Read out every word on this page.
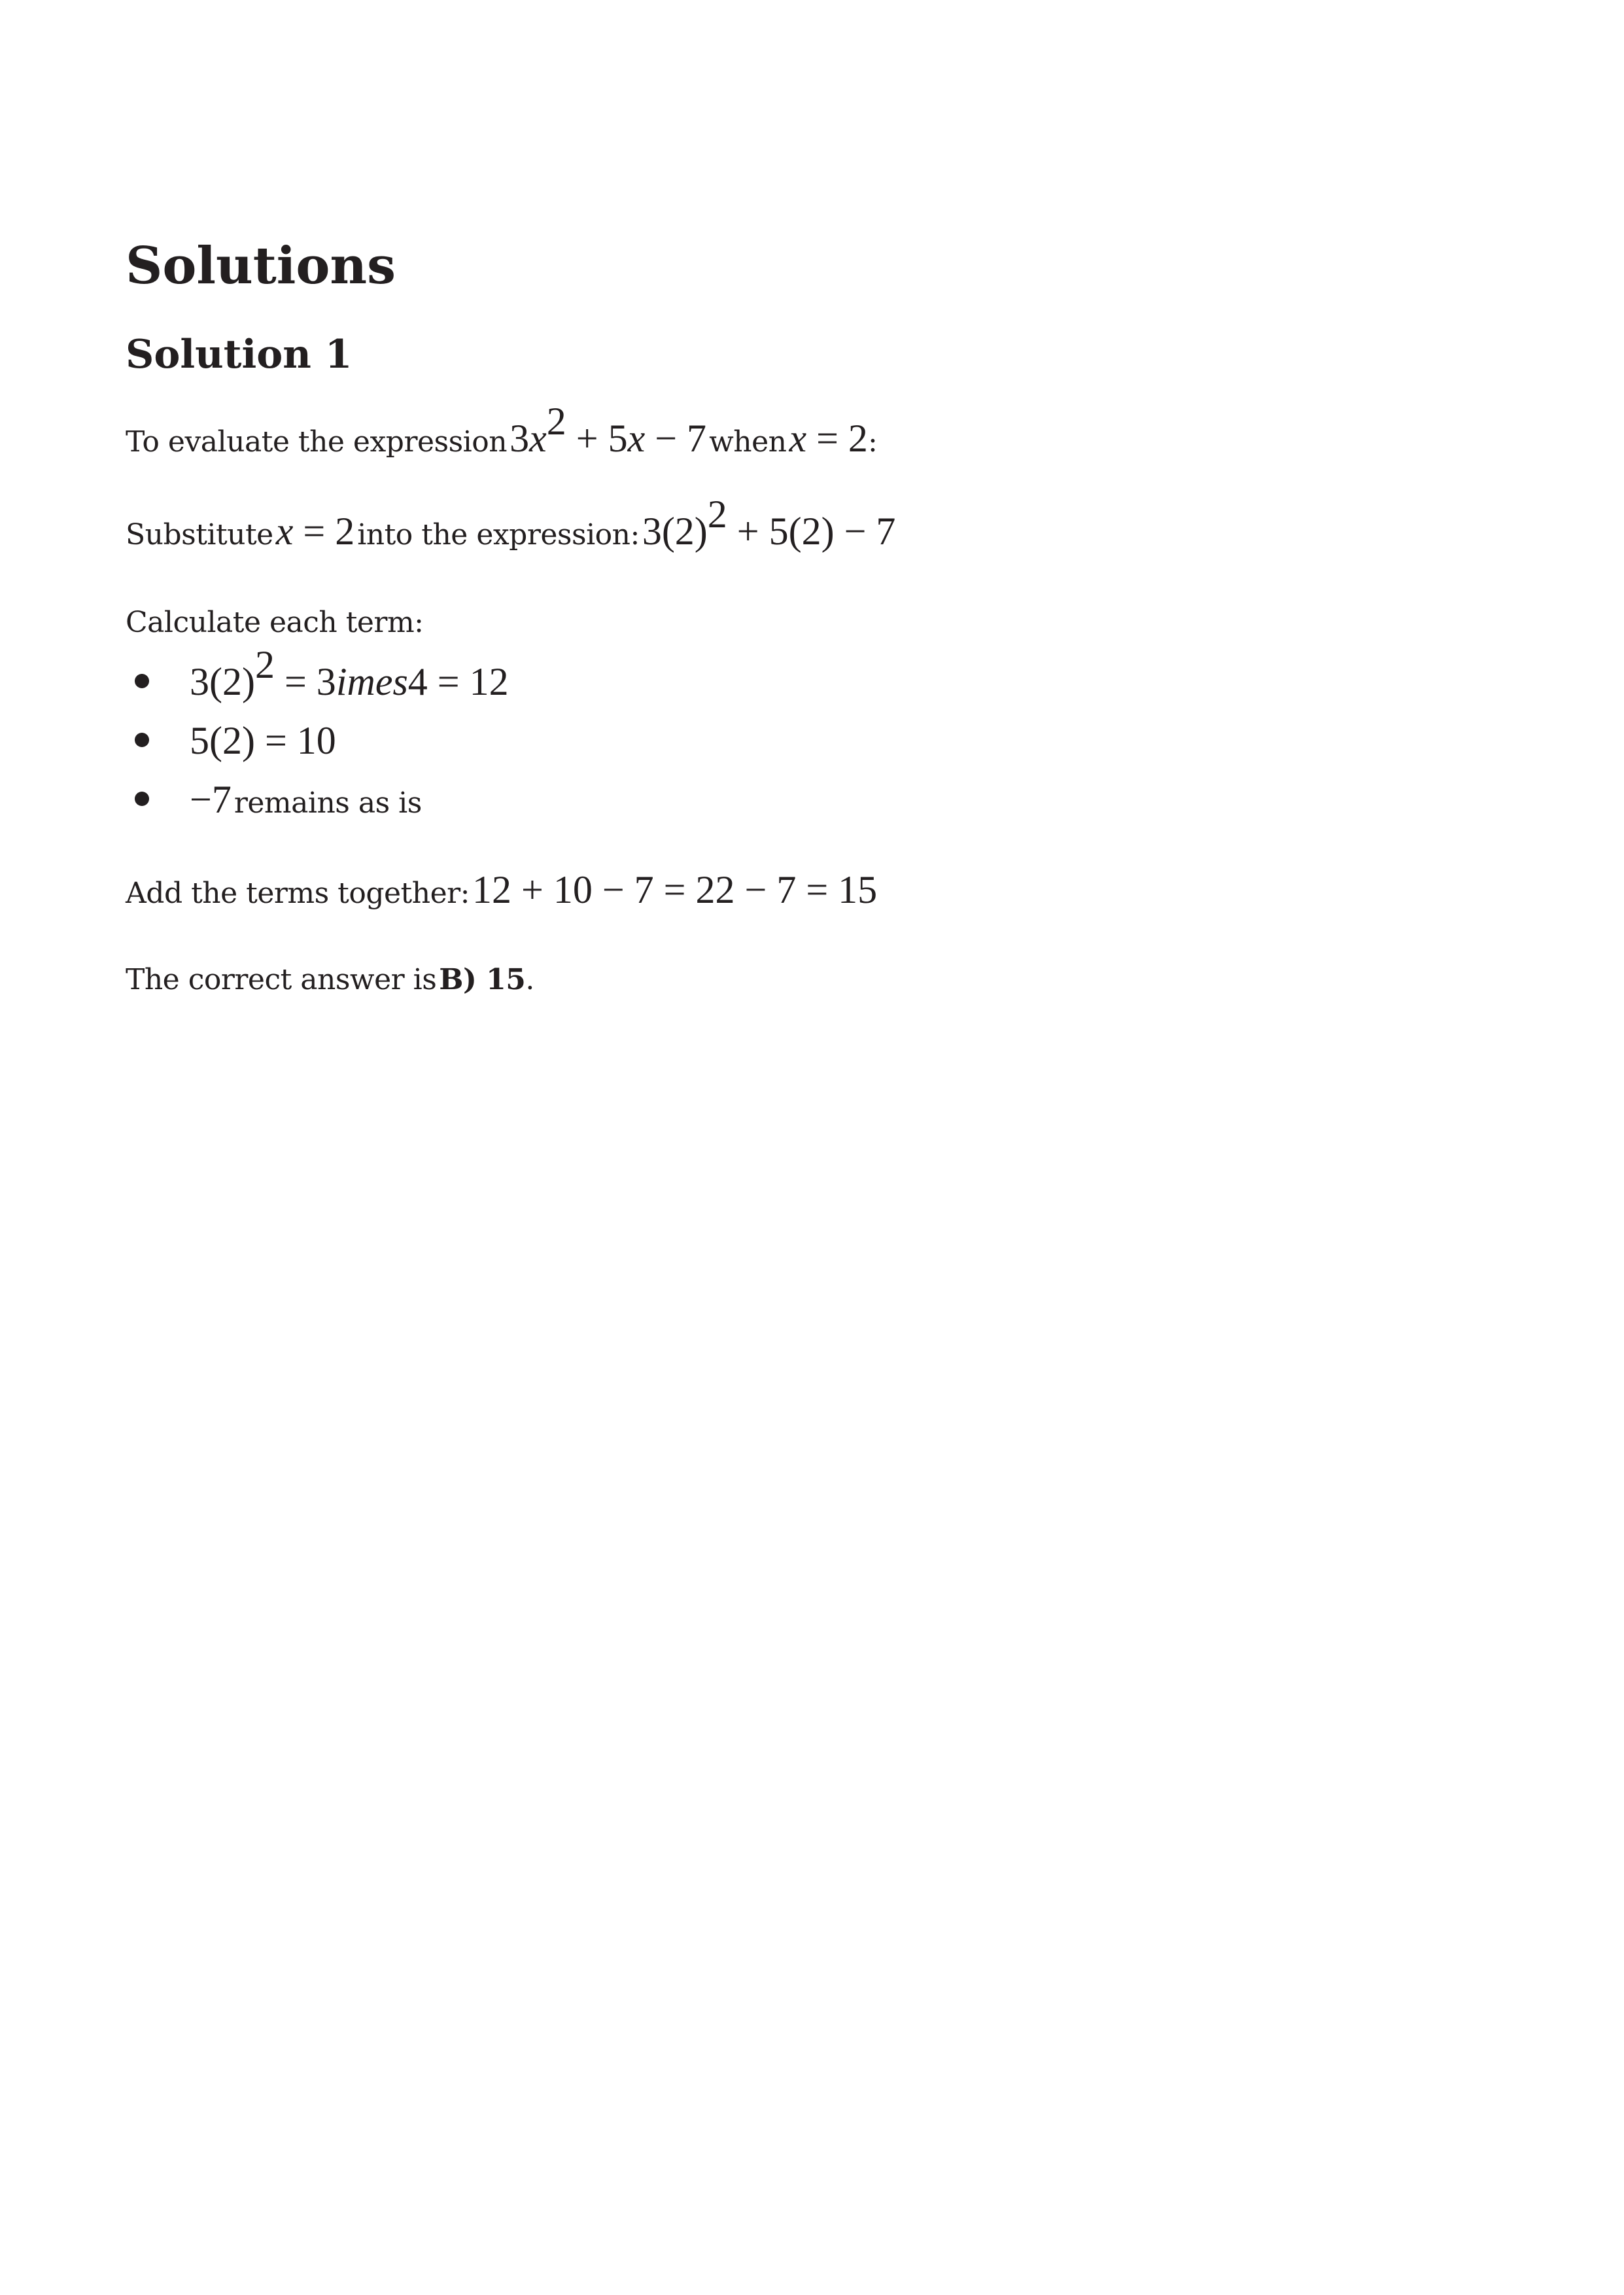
Solutions
Solution 1
To evaluate the expression $3x^2 + 5x - 7$ when x = 2:
Substitute x = 2 into the expression: $3(2)^2 + 5(2) - 7$
Calculate each term:
$3(2)^2$ = 3imes4 = 12
5(2) = 10
−7 remains as is
Add the terms together: 12 + 10 − 7 = 22 − 7 = 15
The correct answer is B) 15.
